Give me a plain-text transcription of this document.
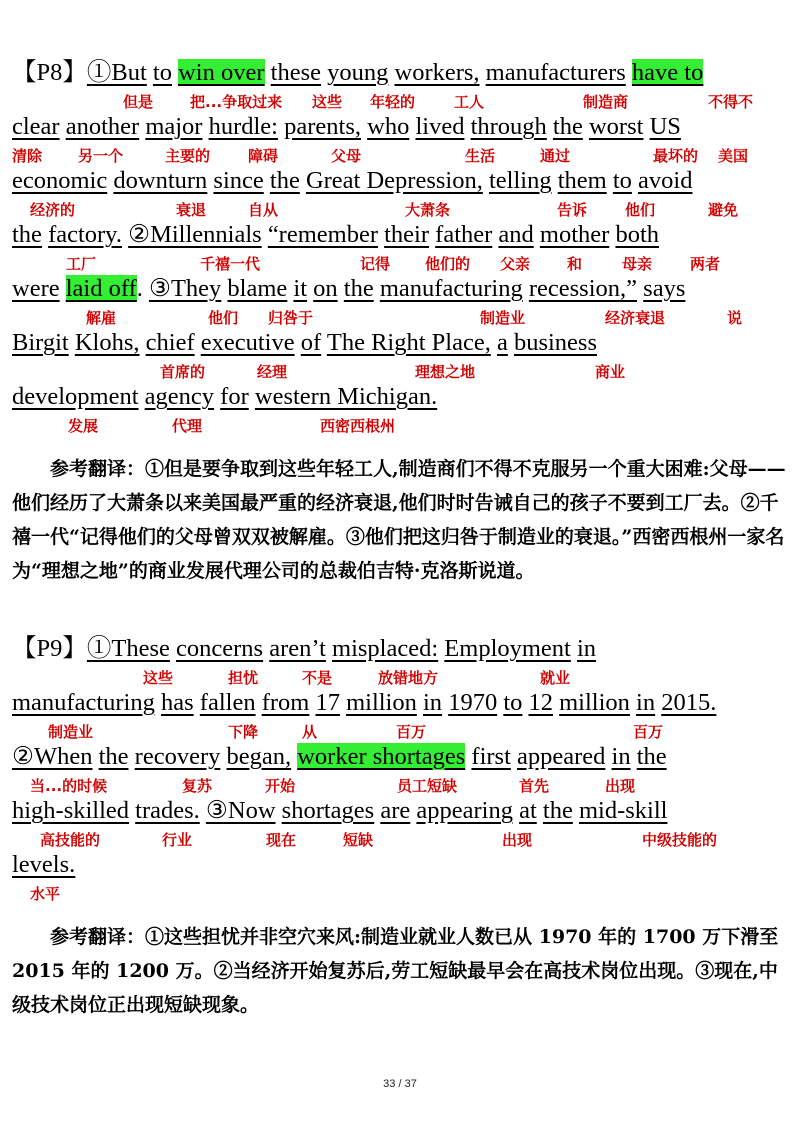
【P8】①But to win over these young workers, manufacturers have to
但是 把...争取过来 这些 年轻的	工人	制造商	不得不
clear another major hurdle: parents, who lived through the worst US
清除 另一个	主要的	障碍	父母	生活	通过	最坏的 美国
economic downturn since the Great Depression, telling them to avoid
经济的	衰退	自从	大萧条	告诉	他们	避免
the factory. ②Millennials “remember their father and mother both
工厂	千禧一代	记得 他们的 父亲 和	母亲	两者
were laid off. ③They blame it on the manufacturing recession,” says
解雇	他们 归咎于	制造业	经济衰退	说
Birgit Klohs, chief executive of The Right Place, a business
首席的	经理	理想之地	商业
development agency for western Michigan.
发展	代理	西密西根州

参考翻译：①但是要争取到这些年轻工人,制造商们不得不克服另一个重大困难:父母——他们经历了大萧条以来美国最严重的经济衰退,他们时时告诫自己的孩子不要到工厂去。②千禧一代“记得他们的父母曾双双被解雇。③他们把这归咎于制造业的衰退。”西密西根州一家名为“理想之地”的商业发展代理公司的总裁伯吉特·克洛斯说道。

【P9】①These concerns aren’t misplaced: Employment in
这些	担忧	不是	放错地方	就业
manufacturing has fallen from 17 million in 1970 to 12 million in 2015.
制造业	下降	从	百万	百万
②When the recovery began, worker shortages first appeared in the
当...的时候	复苏	开始	员工短缺	首先	出现
high-skilled trades. ③Now shortages are appearing at the mid-skill
高技能的	行业	现在	短缺	出现	中级技能的
levels.
水平

参考翻译：①这些担忧并非空穴来风:制造业就业人数已从 1970 年的 1700 万下滑至 2015 年的 1200 万。②当经济开始复苏后,劳工短缺最早会在高技术岗位出现。③现在,中级技术岗位正出现短缺现象。

33 / 37
